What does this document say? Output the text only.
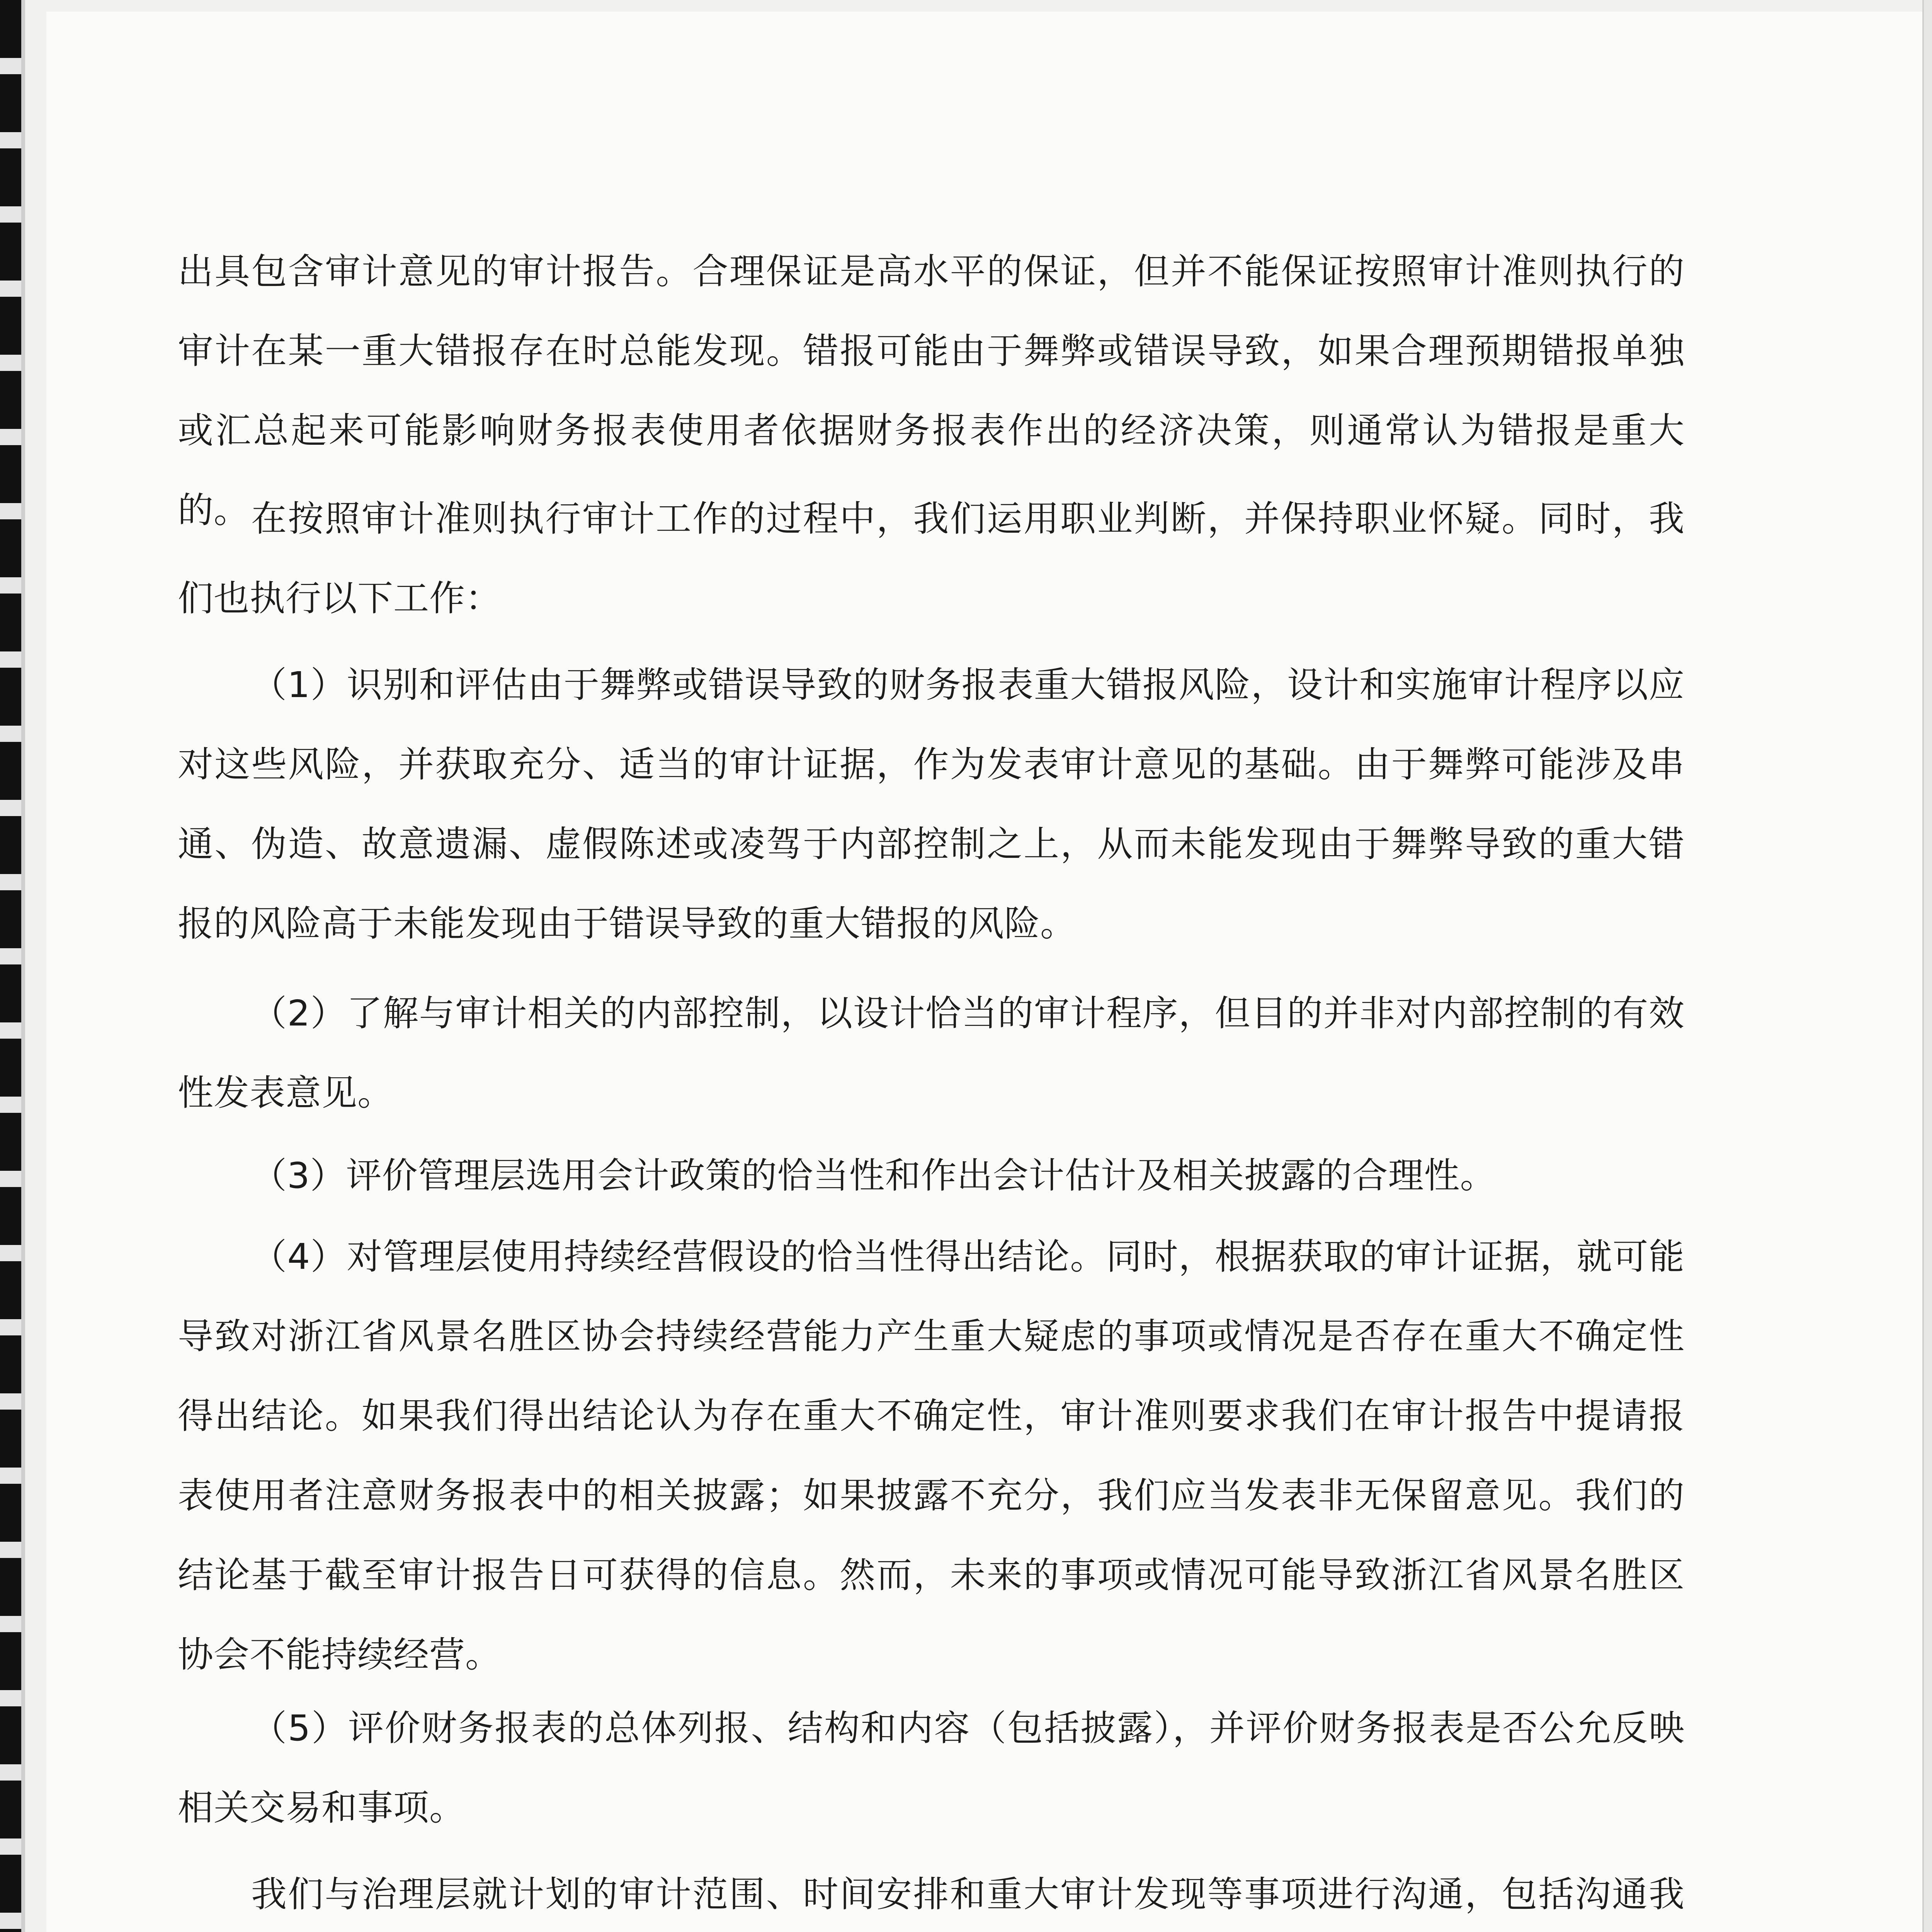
出具包含审计意见的审计报告。合理保证是高水平的保证，但并不能保证按照审计准则执行的审计在某一重大错报存在时总能发现。错报可能由于舞弊或错误导致，如果合理预期错报单独或汇总起来可能影响财务报表使用者依据财务报表作出的经济决策，则通常认为错报是重大的。 在按照审计准则执行审计工作的过程中，我们运用职业判断，并保持职业怀疑。同时，我们也执行以下工作：

（1）识别和评估由于舞弊或错误导致的财务报表重大错报风险，设计和实施审计程序以应对这些风险，并获取充分、适当的审计证据，作为发表审计意见的基础。由于舞弊可能涉及串通、伪造、故意遗漏、虚假陈述或凌驾于内部控制之上，从而未能发现由于舞弊导致的重大错报的风险高于未能发现由于错误导致的重大错报的风险。

（2）了解与审计相关的内部控制，以设计恰当的审计程序，但目的并非对内部控制的有效性发表意见。

（3）评价管理层选用会计政策的恰当性和作出会计估计及相关披露的合理性。

（4）对管理层使用持续经营假设的恰当性得出结论。同时，根据获取的审计证据，就可能导致对浙江省风景名胜区协会持续经营能力产生重大疑虑的事项或情况是否存在重大不确定性得出结论。如果我们得出结论认为存在重大不确定性，审计准则要求我们在审计报告中提请报表使用者注意财务报表中的相关披露；如果披露不充分，我们应当发表非无保留意见。我们的结论基于截至审计报告日可获得的信息。然而，未来的事项或情况可能导致浙江省风景名胜区协会不能持续经营。

（5）评价财务报表的总体列报、结构和内容（包括披露），并评价财务报表是否公允反映相关交易和事项。

我们与治理层就计划的审计范围、时间安排和重大审计发现等事项进行沟通，包括沟通我
